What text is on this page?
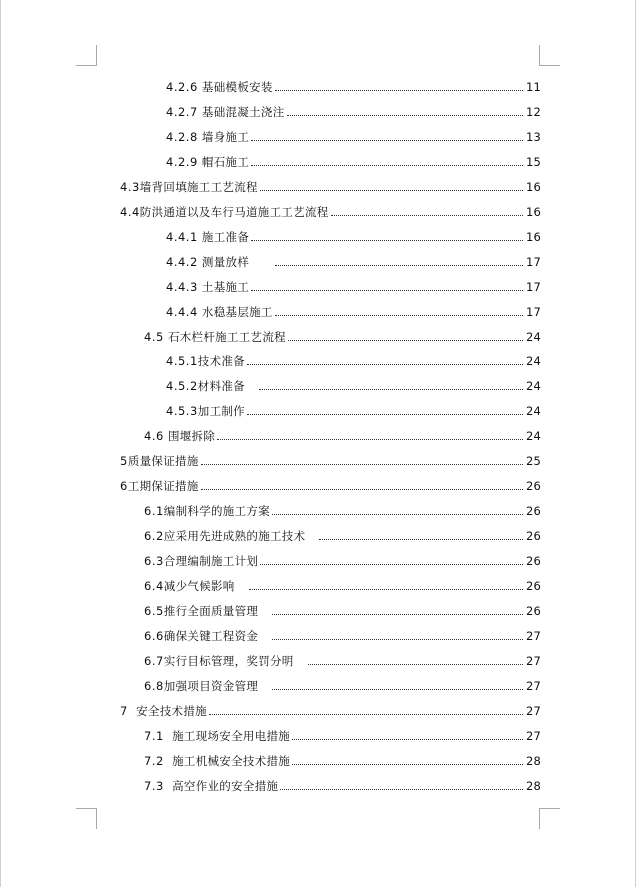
4.2.6 基础模板安装	11
4.2.7 基础混凝土浇注	12
4.2.8 墙身施工	13
4.2.9 帽石施工	15
4.3 墙背回填施工工艺流程	16
4.4 防洪通道以及车行马道施工工艺流程	16
4.4.1 施工准备	16
4.4.2 测量放样	17
4.4.3 土基施工	17
4.4.4 水稳基层施工	17
4.5 石木栏杆施工工艺流程	24
4.5.1 技术准备	24
4.5.2 材料准备	24
4.5.3 加工制作	24
4.6 围堰拆除	24
5 质量保证措施	25
6 工期保证措施	26
6.1 编制科学的施工方案	26
6.2 应采用先进成熟的施工技术	26
6.3 合理编制施工计划	26
6.4 减少气候影响	26
6.5 推行全面质量管理	26
6.6 确保关键工程资金	27
6.7 实行目标管理，奖罚分明	27
6.8 加强项目资金管理	27
7 安全技术措施	27
7.1 施工现场安全用电措施	27
7.2 施工机械安全技术措施	28
7.3 高空作业的安全措施	28
